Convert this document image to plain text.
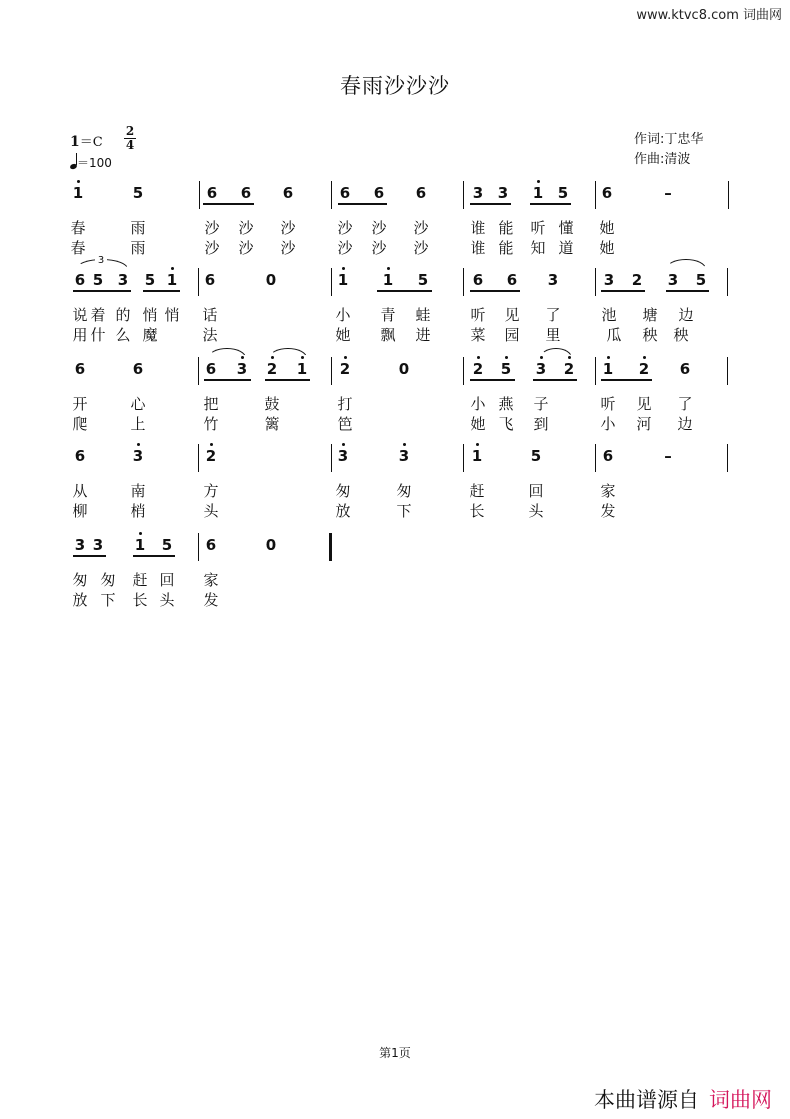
www.ktvc8.com 词曲网
春雨沙沙沙
1＝C
2
4
＝100
作词:丁忠华
作曲:清波
1	5	6 6 6	6 6 6	3 3 1 5 6	–
春	雨	沙	沙	沙	沙	沙	沙	谁 能	听 懂	她
春	雨	沙	沙	沙	沙	沙	沙	谁 能	知 道	她
6 5 3 5 1 6	0	1 1 5	6 6 3	3 2 3 5
3
说 着 的 悄 悄	话	小	青	蛙	听	见	了	池	塘	边
用 什 么 魔	法	她	飘	进	菜	园	里	瓜	秧	秧
6	6	6 3 2 1 2	0	2 5 3 2 1 2 6
开	心	把	鼓	打	小 燕	子	听	见	了
爬	上	竹	篱	笆	她 飞	到	小	河	边
6	3	2	3	3	1	5	6	–
从	南	方	匆	匆	赶	回	家
柳	梢	头	放	下	长	头	发
3 3 1 5 6	0
匆 匆	赶 回	家
放 下	长 头	发
第1页
本曲谱源自 词曲网
